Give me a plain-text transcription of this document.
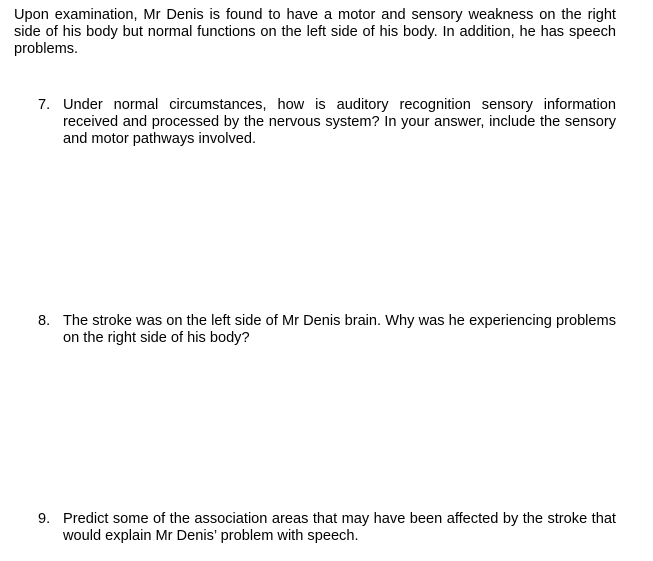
Upon examination, Mr Denis is found to have a motor and sensory weakness on the right side of his body but normal functions on the left side of his body. In addition, he has speech problems.

7. Under normal circumstances, how is auditory recognition sensory information received and processed by the nervous system? In your answer, include the sensory and motor pathways involved.
8. The stroke was on the left side of Mr Denis brain. Why was he experiencing problems on the right side of his body?
9. Predict some of the association areas that may have been affected by the stroke that would explain Mr Denis’ problem with speech.
